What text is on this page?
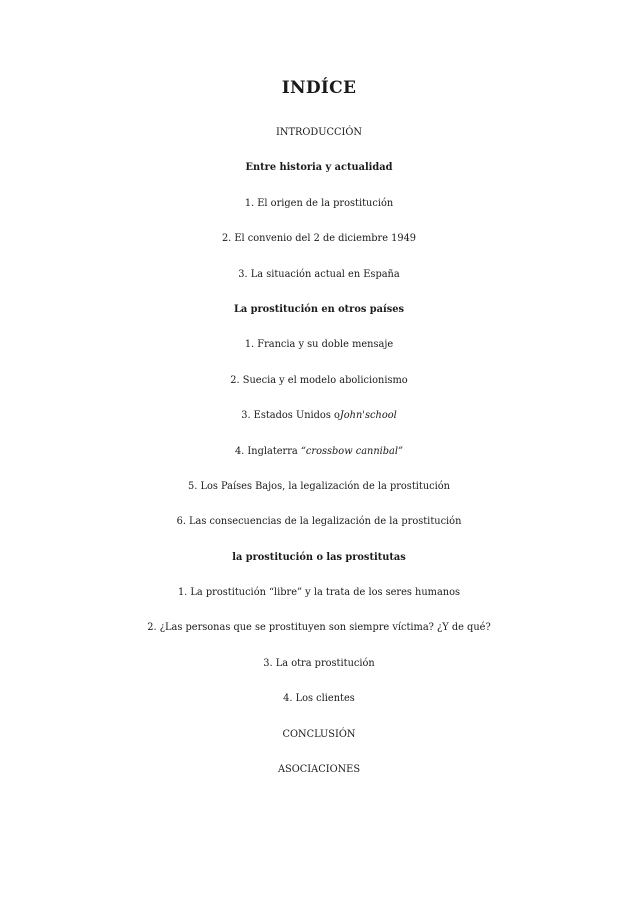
INDÍCE
INTRODUCCIÓN
Entre historia y actualidad
1. El origen de la prostitución
2. El convenio del 2 de diciembre 1949
3. La situación actual en España
La prostitución en otros países
1. Francia y su doble mensaje
2. Suecia y el modelo abolicionismo
3. Estados Unidos oJohn'school
4. Inglaterra “crossbow cannibal”
5. Los Países Bajos, la legalización de la prostitución
6. Las consecuencias de la legalización de la prostitución
la prostitución o las prostitutas
1. La prostitución “libre” y la trata de los seres humanos
2. ¿Las personas que se prostituyen son siempre víctima? ¿Y de qué?
3. La otra prostitución
4. Los clientes
CONCLUSIÓN
ASOCIACIONES
